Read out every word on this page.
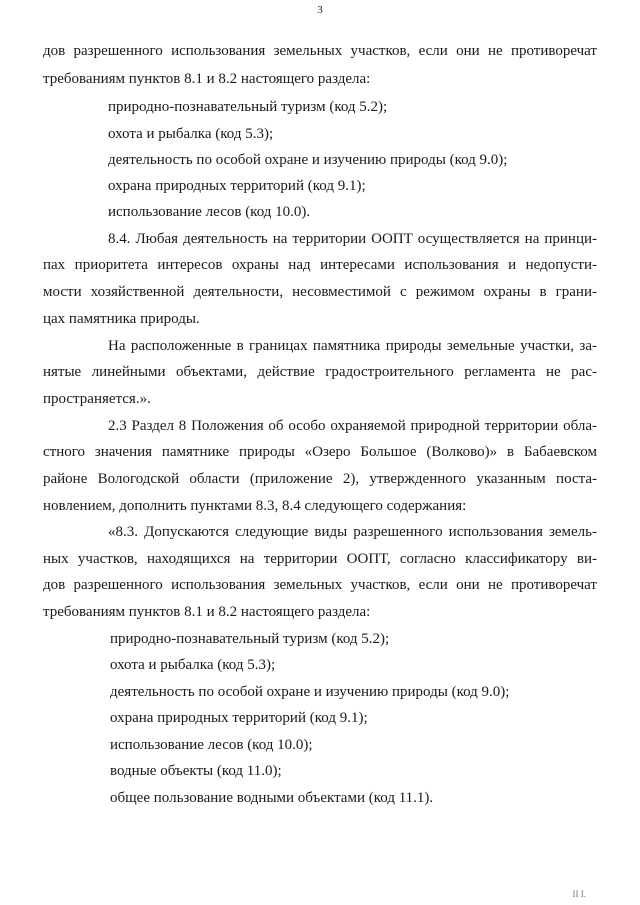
3
дов разрешенного использования земельных участков, если они не противоречат
требованиям пунктов 8.1 и 8.2 настоящего раздела:
природно-познавательный туризм (код 5.2);
охота и рыбалка (код 5.3);
деятельность по особой охране и изучению природы (код 9.0);
охрана природных территорий (код 9.1);
использование лесов (код 10.0).
8.4. Любая деятельность на территории ООПТ осуществляется на принци-
пах приоритета интересов охраны над интересами использования и недопусти-
мости хозяйственной деятельности, несовместимой с режимом охраны в грани-
цах памятника природы.
На расположенные в границах памятника природы земельные участки, за-
нятые линейными объектами, действие градостроительного регламента не рас-
пространяется.».
2.3 Раздел 8 Положения об особо охраняемой природной территории обла-
стного значения памятнике природы «Озеро Большое (Волково)» в Бабаевском
районе Вологодской области (приложение 2), утвержденного указанным поста-
новлением, дополнить пунктами 8.3, 8.4 следующего содержания:
«8.3. Допускаются следующие виды разрешенного использования земель-
ных участков, находящихся на территории ООПТ, согласно классификатору ви-
дов разрешенного использования земельных участков, если они не противоречат
требованиям пунктов 8.1 и 8.2 настоящего раздела:
природно-познавательный туризм (код 5.2);
охота и рыбалка (код 5.3);
деятельность по особой охране и изучению природы (код 9.0);
охрана природных территорий (код 9.1);
использование лесов (код 10.0);
водные объекты (код 11.0);
общее пользование водными объектами (код 11.1).
II I.
